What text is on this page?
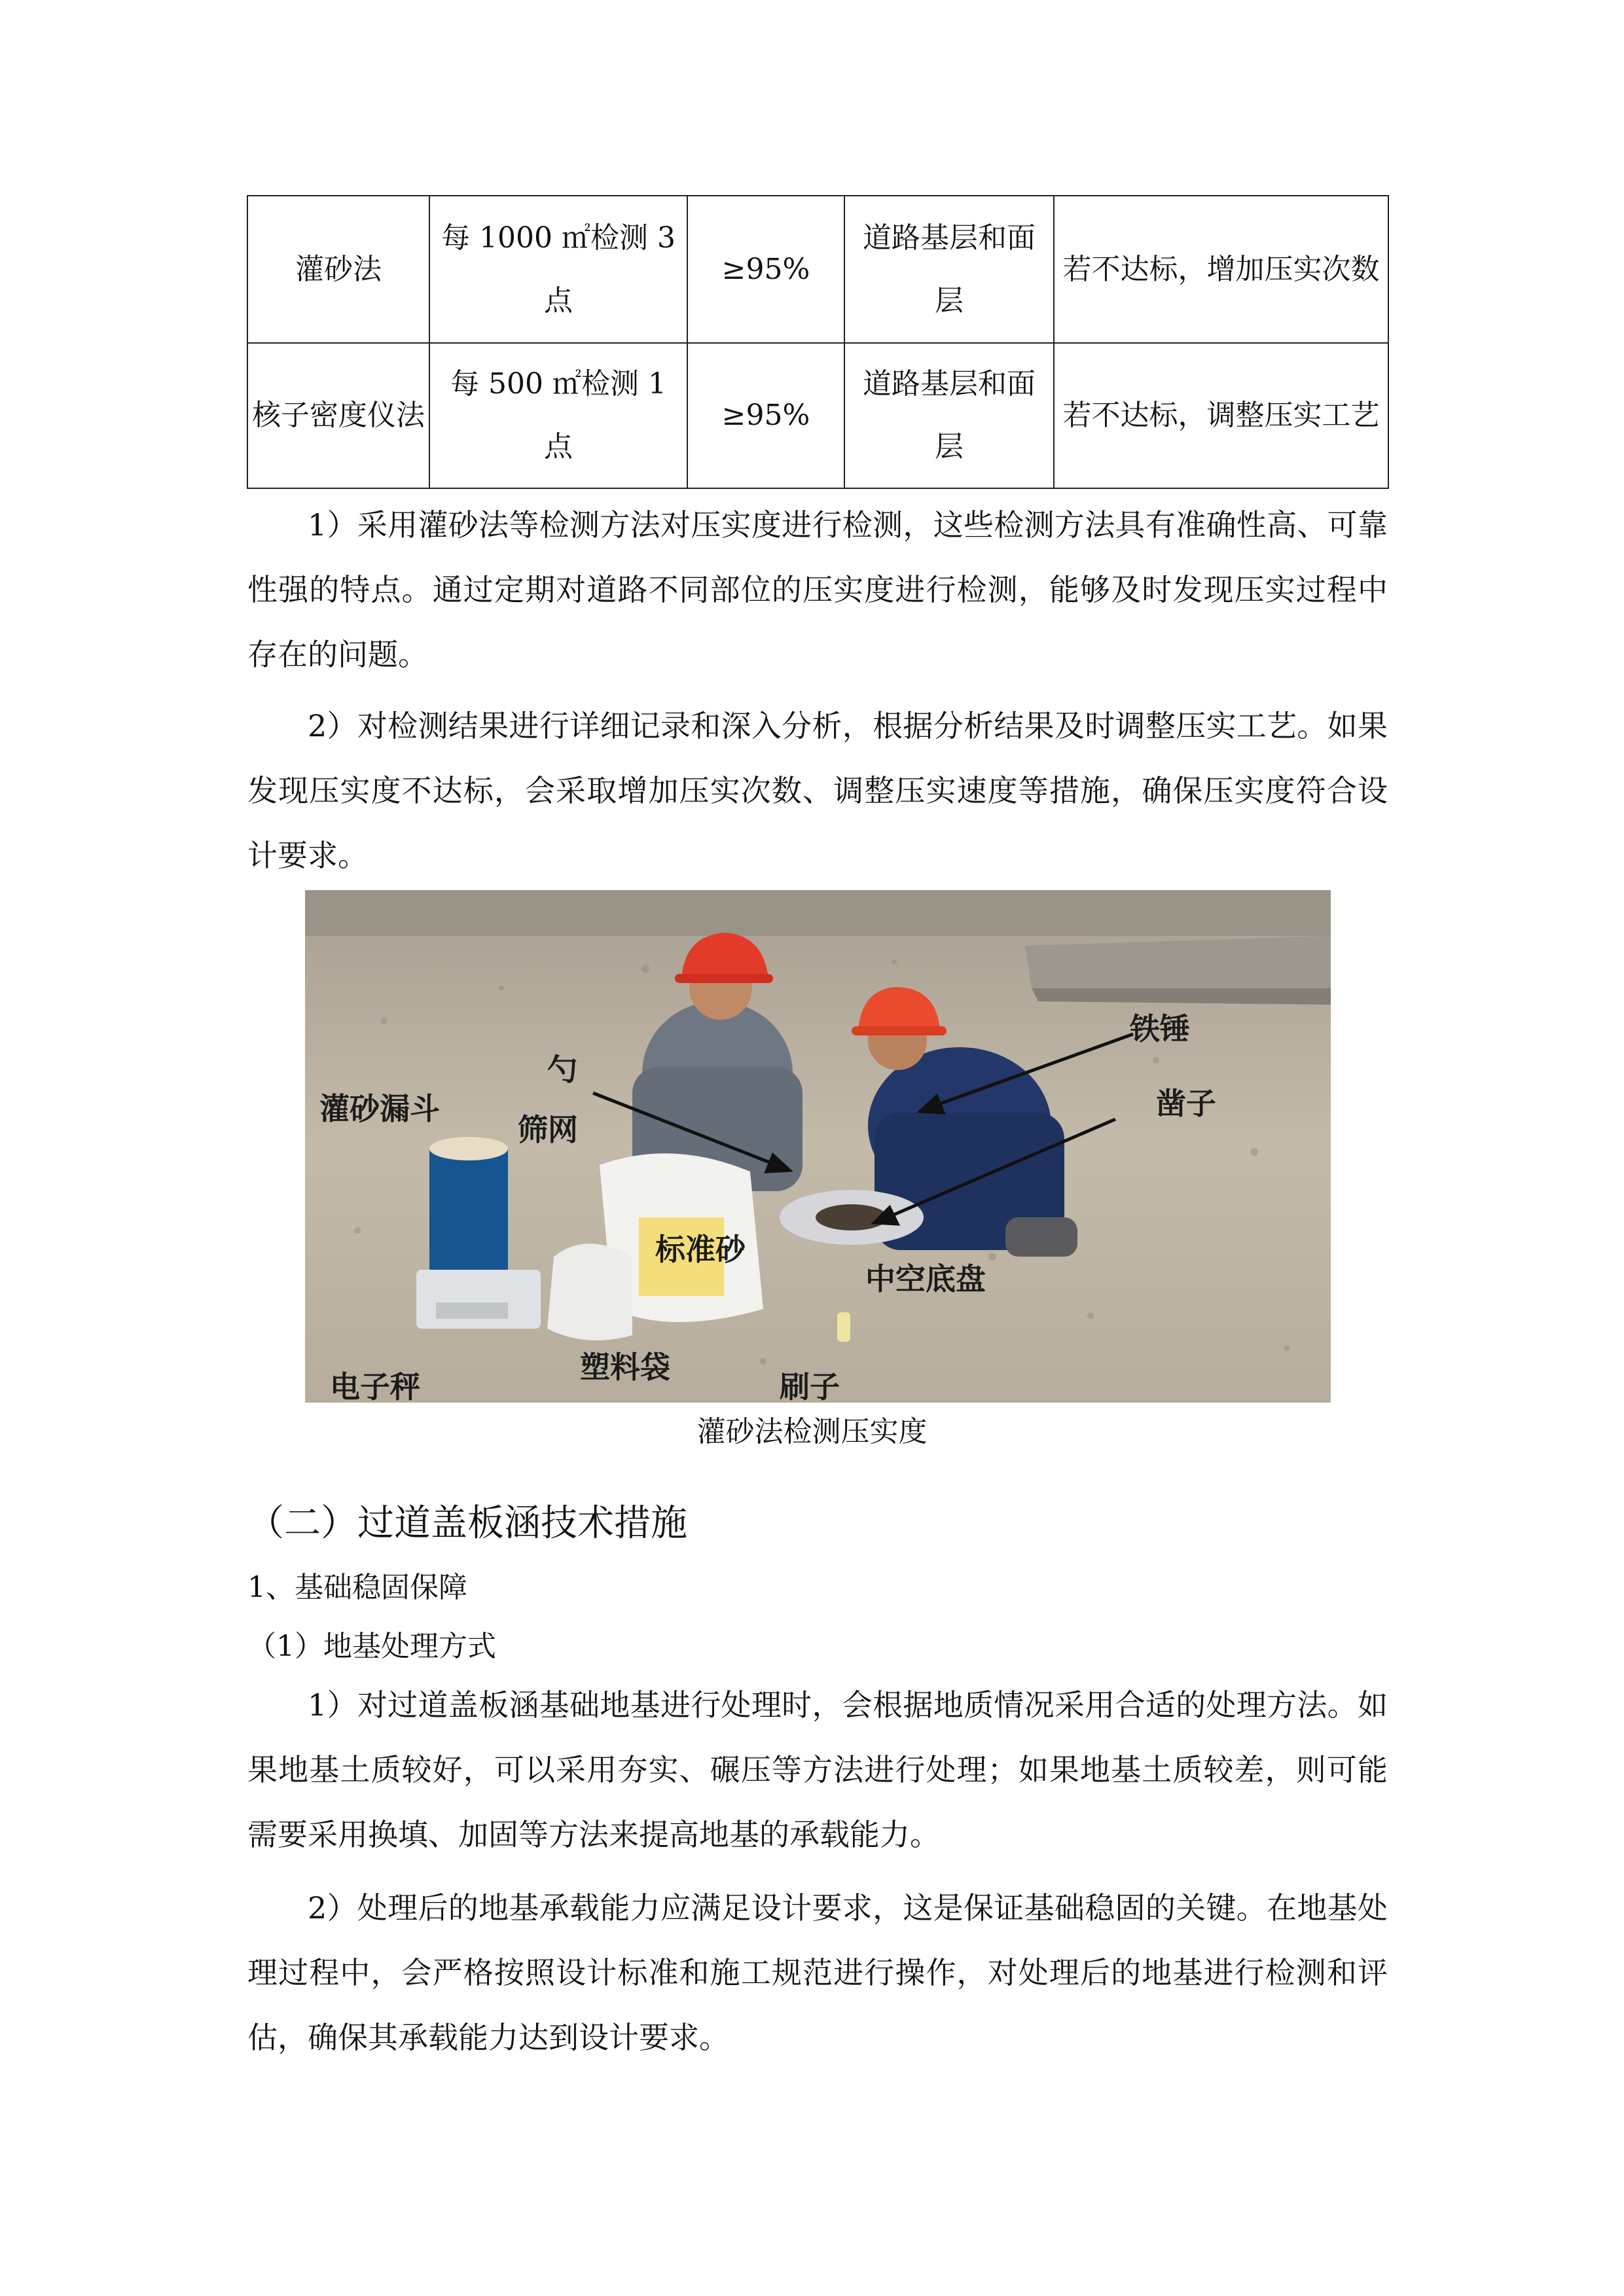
灌砂法	每 1000 ㎡检测 3 点	≥95%	道路基层和面层	若不达标，增加压实次数
核子密度仪法	每 500 ㎡检测 1 点	≥95%	道路基层和面层	若不达标，调整压实工艺

1）采用灌砂法等检测方法对压实度进行检测，这些检测方法具有准确性高、可靠性强的特点。通过定期对道路不同部位的压实度进行检测，能够及时发现压实过程中存在的问题。

2）对检测结果进行详细记录和深入分析，根据分析结果及时调整压实工艺。如果发现压实度不达标，会采取增加压实次数、调整压实速度等措施，确保压实度符合设计要求。

铁锤
凿子
勺
灌砂漏斗
筛网
标准砂
中空底盘
电子秤
塑料袋
刷子
灌砂法检测压实度
（二）过道盖板涵技术措施
1、基础稳固保障
（1）地基处理方式

1）对过道盖板涵基础地基进行处理时，会根据地质情况采用合适的处理方法。如果地基土质较好，可以采用夯实、碾压等方法进行处理；如果地基土质较差，则可能需要采用换填、加固等方法来提高地基的承载能力。

2）处理后的地基承载能力应满足设计要求，这是保证基础稳固的关键。在地基处理过程中，会严格按照设计标准和施工规范进行操作，对处理后的地基进行检测和评估，确保其承载能力达到设计要求。
